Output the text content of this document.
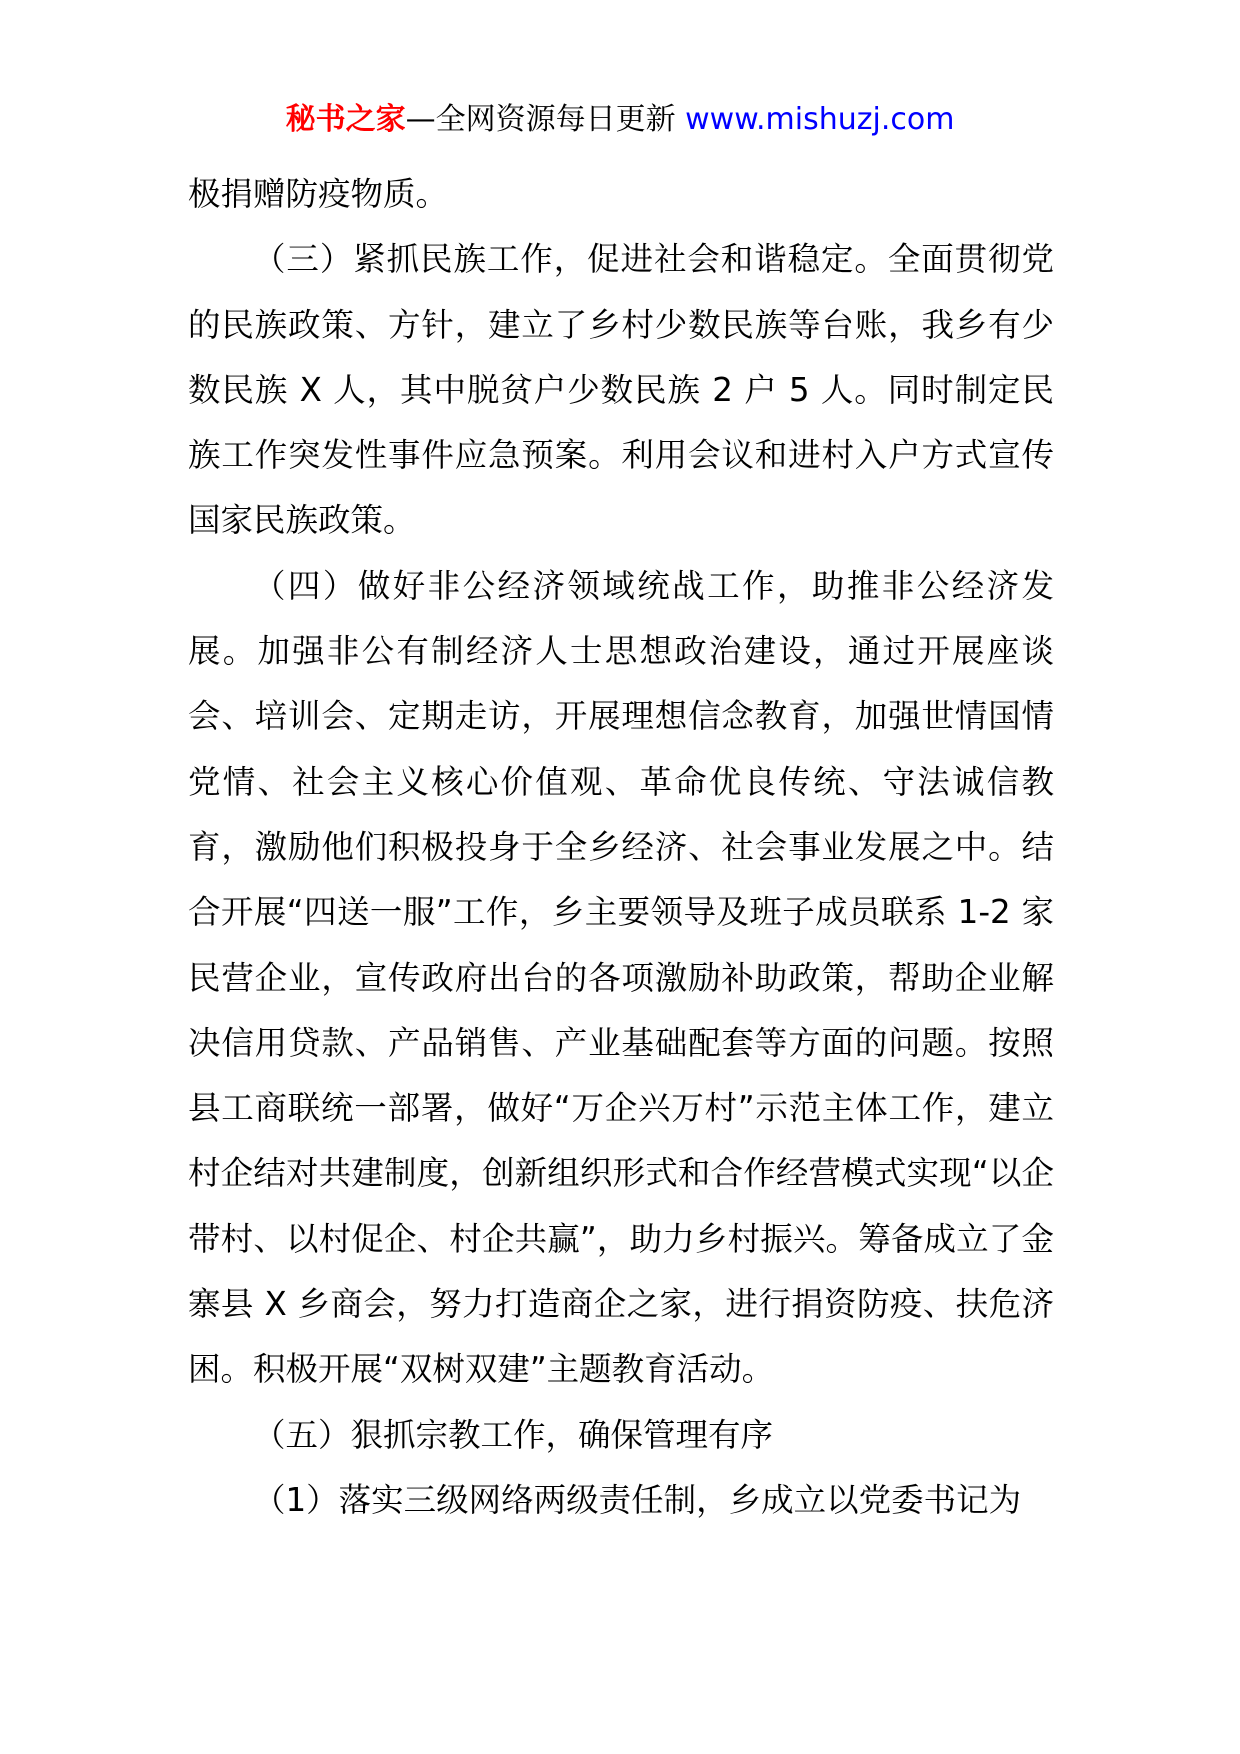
秘书之家—全网资源每日更新 www.mishuzj.com

极捐赠防疫物质。

（三）紧抓民族工作，促进社会和谐稳定。全面贯彻党的民族政策、方针，建立了乡村少数民族等台账，我乡有少数民族 X 人，其中脱贫户少数民族 2 户 5 人。同时制定民族工作突发性事件应急预案。利用会议和进村入户方式宣传国家民族政策。

（四）做好非公经济领域统战工作，助推非公经济发展。加强非公有制经济人士思想政治建设，通过开展座谈会、培训会、定期走访，开展理想信念教育，加强世情国情党情、社会主义核心价值观、革命优良传统、守法诚信教育，激励他们积极投身于全乡经济、社会事业发展之中。结合开展“四送一服”工作，乡主要领导及班子成员联系 1-2 家民营企业，宣传政府出台的各项激励补助政策，帮助企业解决信用贷款、产品销售、产业基础配套等方面的问题。按照县工商联统一部署，做好“万企兴万村”示范主体工作，建立村企结对共建制度，创新组织形式和合作经营模式实现“以企带村、以村促企、村企共赢”，助力乡村振兴。筹备成立了金寨县 X 乡商会，努力打造商企之家，进行捐资防疫、扶危济困。积极开展“双树双建”主题教育活动。

（五）狠抓宗教工作，确保管理有序

（1）落实三级网络两级责任制，乡成立以党委书记为
